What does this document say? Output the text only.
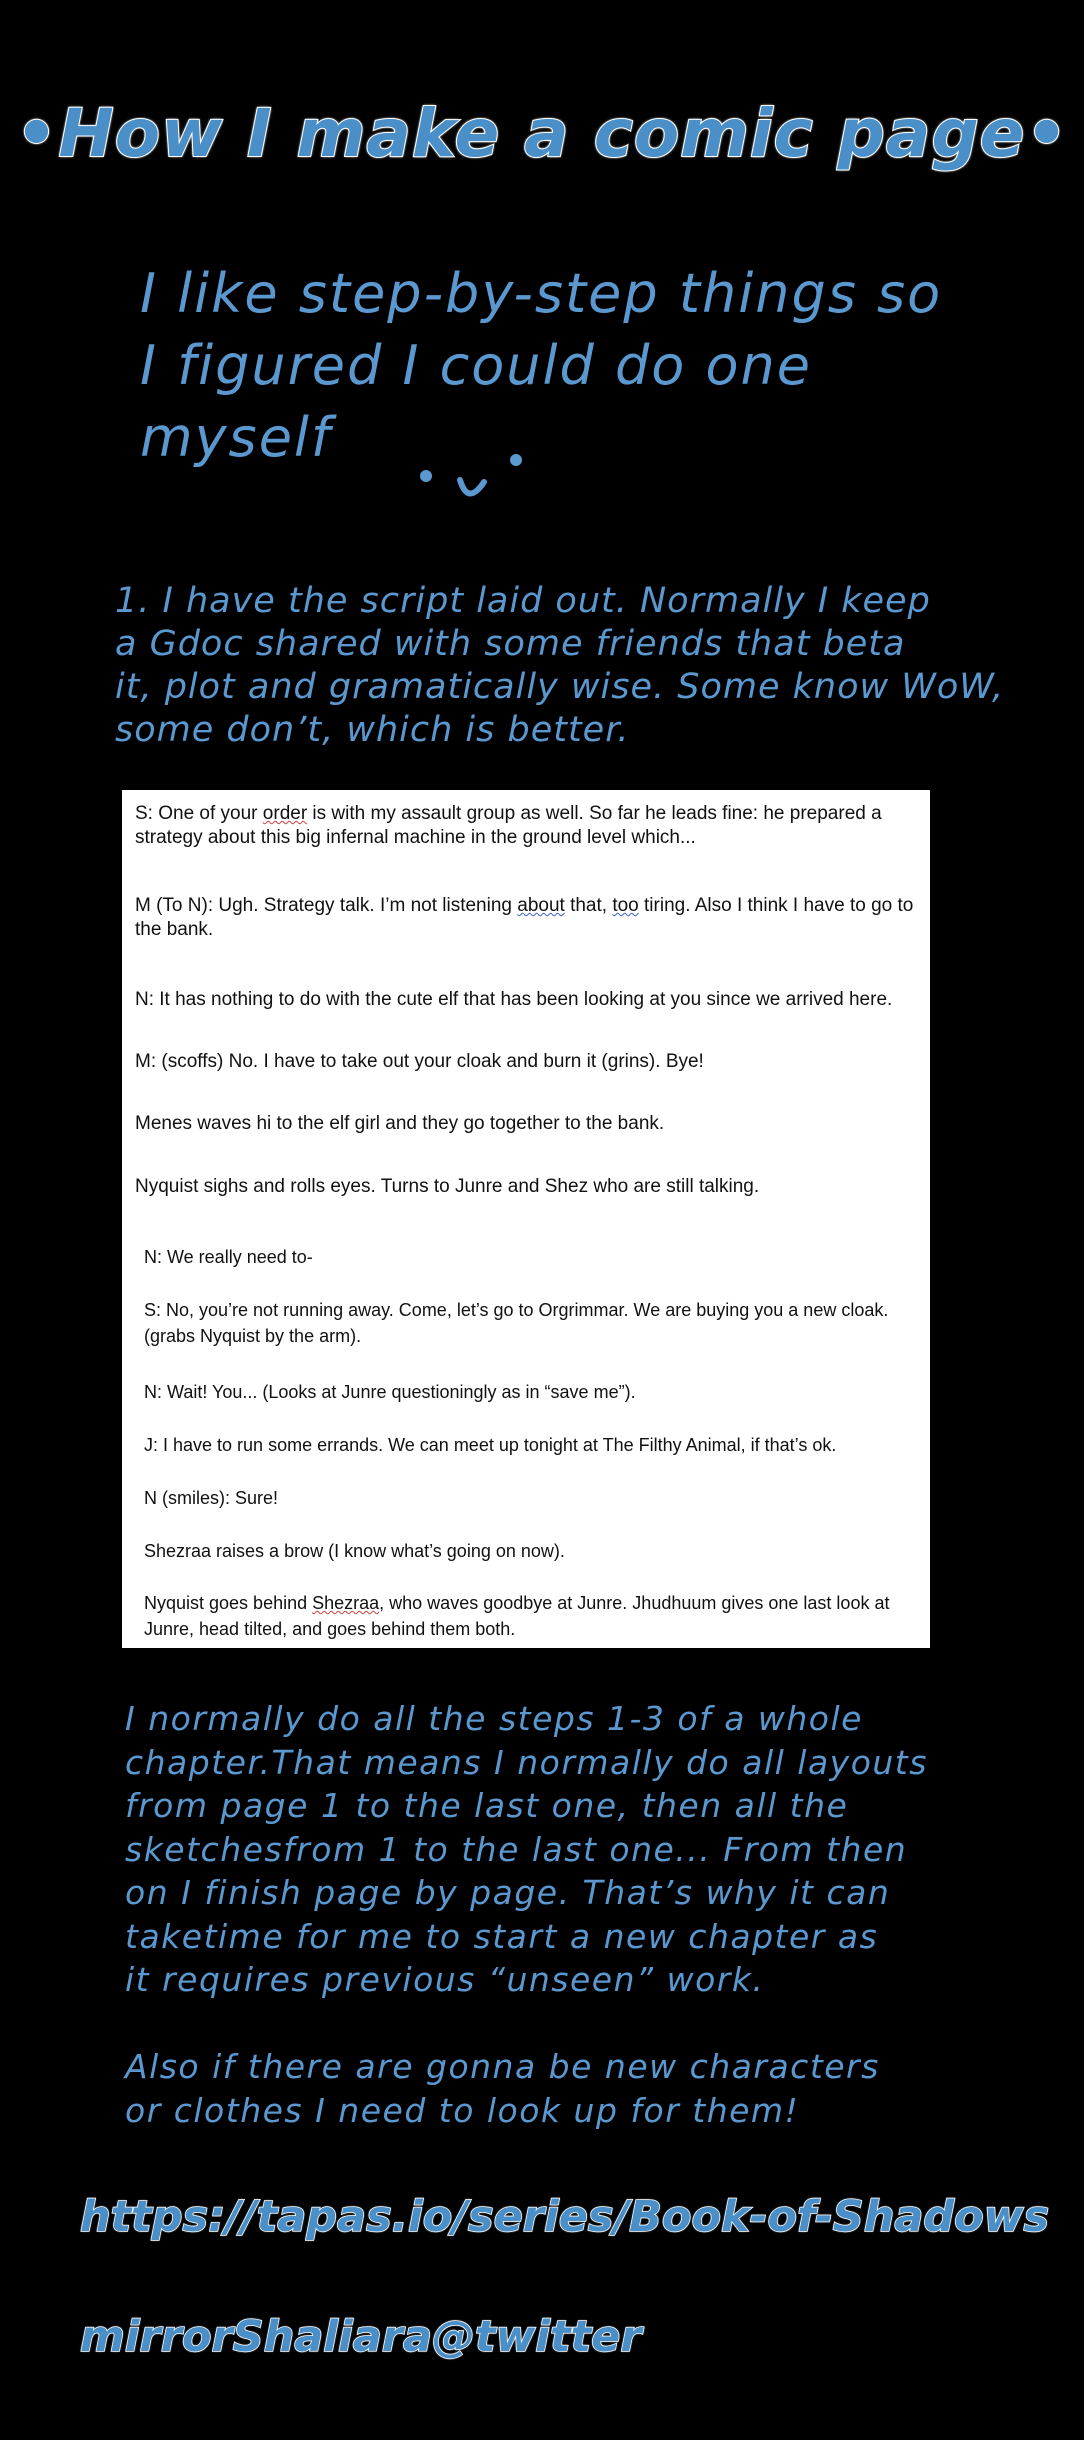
•How I make a comic page•
I like step-by-step things so
I figured I could do one
myself
1. I have the script laid out. Normally I keep
a Gdoc shared with some friends that beta
it, plot and gramatically wise. Some know WoW,
some don’t, which is better.

S: One of your order is with my assault group as well. So far he leads fine: he prepared a strategy about this big infernal machine in the ground level which...

M (To N): Ugh. Strategy talk. I’m not listening about that, too tiring. Also I think I have to go to the bank.

N: It has nothing to do with the cute elf that has been looking at you since we arrived here.

M: (scoffs) No. I have to take out your cloak and burn it (grins). Bye!

Menes waves hi to the elf girl and they go together to the bank.

Nyquist sighs and rolls eyes. Turns to Junre and Shez who are still talking.

N: We really need to-

S: No, you’re not running away. Come, let’s go to Orgrimmar. We are buying you a new cloak. (grabs Nyquist by the arm).

N: Wait! You... (Looks at Junre questioningly as in “save me”).

J: I have to run some errands. We can meet up tonight at The Filthy Animal, if that’s ok.

N (smiles): Sure!

Shezraa raises a brow (I know what’s going on now).

Nyquist goes behind Shezraa, who waves goodbye at Junre. Jhudhuum gives one last look at Junre, head tilted, and goes behind them both.

I normally do all the steps 1-3 of a whole
chapter.That means I normally do all layouts
from page 1 to the last one, then all the
sketchesfrom 1 to the last one... From then
on I finish page by page. That’s why it can
taketime for me to start a new chapter as
it requires previous “unseen” work.

Also if there are gonna be new characters
or clothes I need to look up for them!
https://tapas.io/series/Book-of-Shadows
mirrorShaliara@twitter
